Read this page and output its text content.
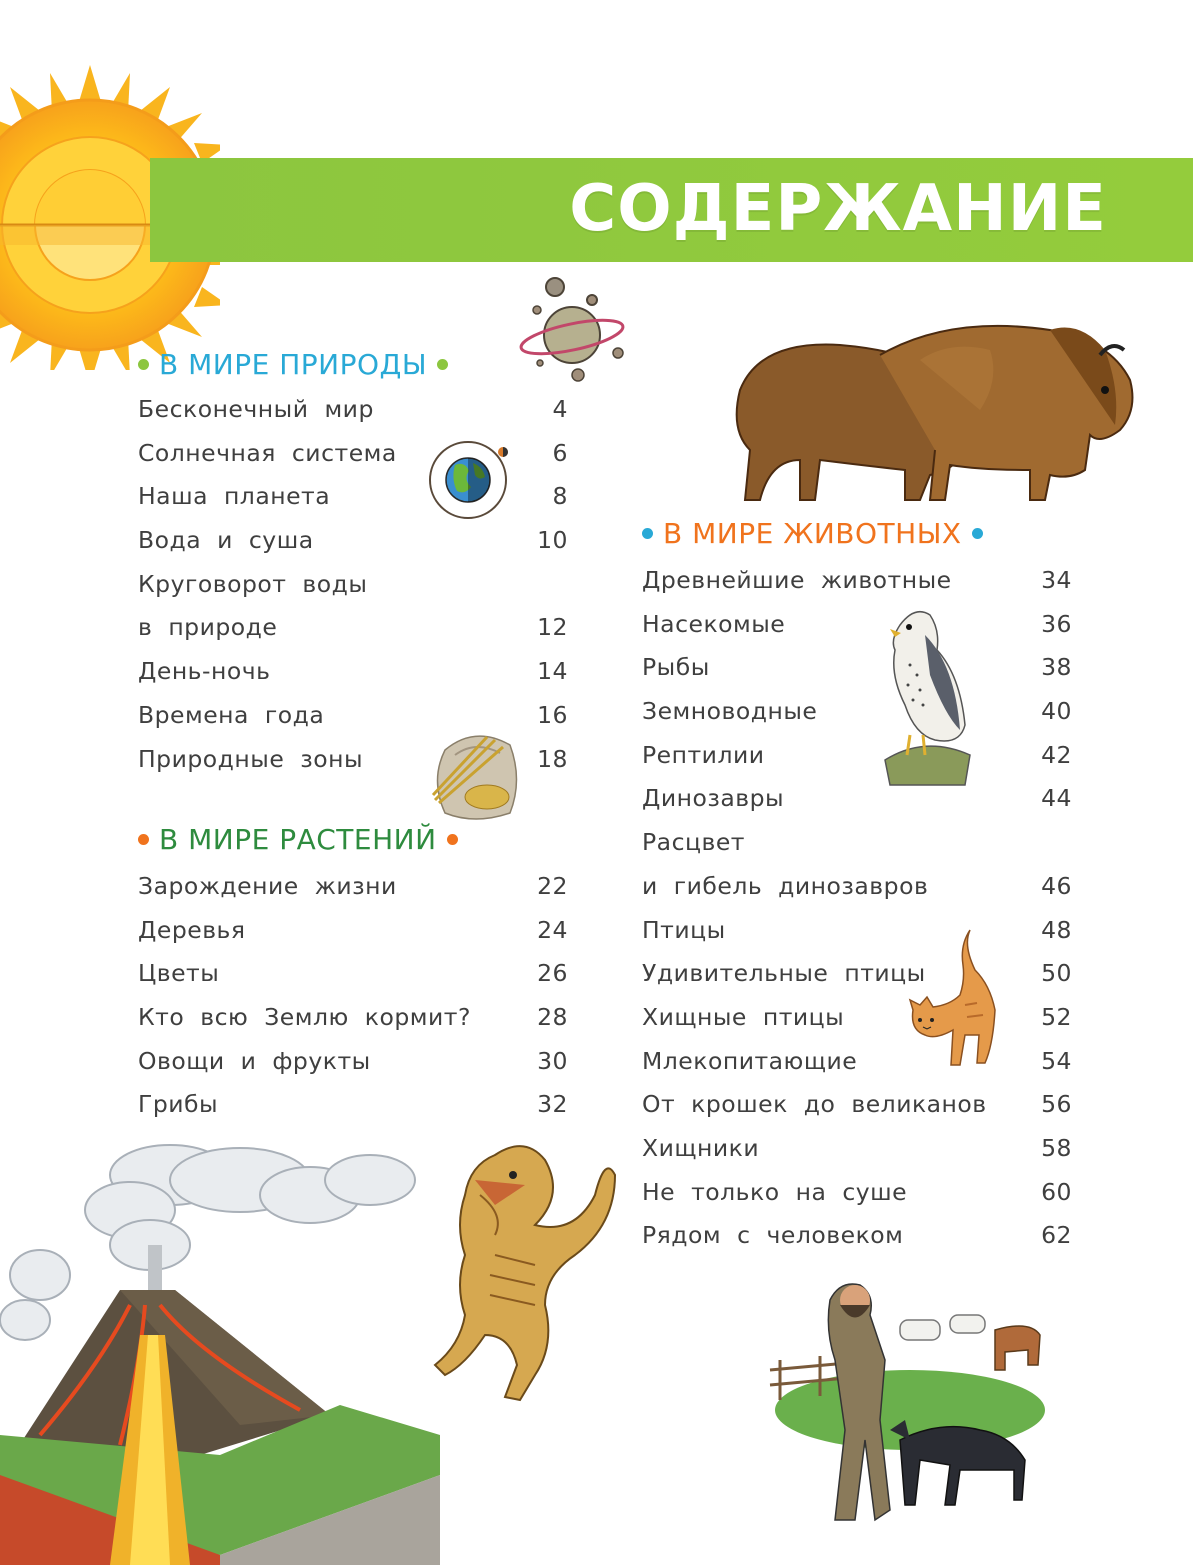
СОДЕРЖАНИЕ
В МИРЕ ПРИРОДЫ
Бесконечный мир	4
Солнечная система	6
Наша планета	8
Вода и суша	10
Круговорот воды
в природе	12
День-ночь	14
Времена года	16
Природные зоны	18
В МИРЕ РАСТЕНИЙ
Зарождение жизни	22
Деревья	24
Цветы	26
Кто всю Землю кормит?	28
Овощи и фрукты	30
Грибы	32
В МИРЕ ЖИВОТНЫХ
Древнейшие животные	34
Насекомые	36
Рыбы	38
Земноводные	40
Рептилии	42
Динозавры	44
Расцвет
и гибель динозавров	46
Птицы	48
Удивительные птицы	50
Хищные птицы	52
Млекопитающие	54
От крошек до великанов 56
Хищники	58
Не только на суше	60
Рядом с человеком	62
